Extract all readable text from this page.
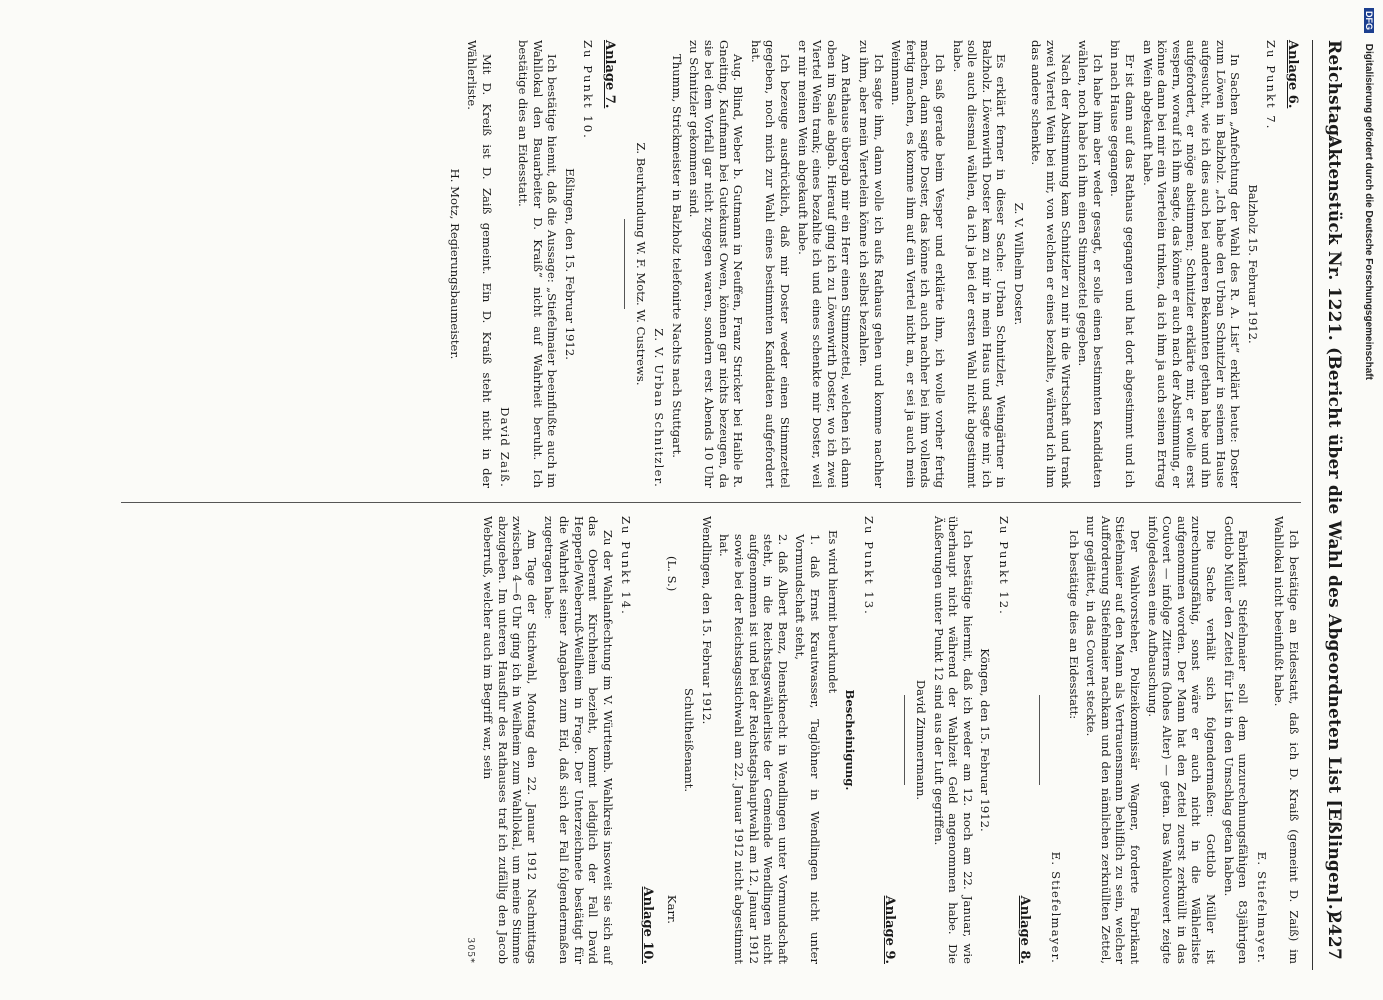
Reichstag.
Aktenstück Nr. 1221. (Bericht über die Wahl des Abgeordneten List [Eßlingen].)
2427
Anlage 6.
Zu Punkt 7.
Balzholz 15. Februar 1912.

In Sachen „Anfechtung der Wahl des R. A. List“ erklärt heute: Doster zum Löwen in Balzholz. „Ich habe den Urban Schnitzler in seinem Hause aufgesucht, wie ich dies auch bei anderen Bekannten gethan habe und ihn aufgefordert, er möge abstimmen; Schnitzler erklärte mir, er wolle erst vespern, worauf ich ihm sagte, das könne er auch nach der Abstimmung, er könne dann bei mir ein Viertelein trinken, da ich ihm ja auch seinen Ertrag an Wein abgekauft habe.

Er ist dann auf das Rathaus gegangen und hat dort abgestimmt und ich bin nach Hause gegangen.

Ich habe ihm aber weder gesagt, er solle einen bestimmten Kandidaten wählen, noch habe ich ihm einen Stimmzettel gegeben.

Nach der Abstimmung kam Schnitzler zu mir in die Wirtschaft und trank zwei Viertel Wein bei mir, von welchen er eines bezahlte, während ich ihm das andere schenkte.

Z. V. Wilhelm Doster.

Es erklärt ferner in dieser Sache: Urban Schnitzler, Weingärtner in Balzholz. Löwenwirth Doster kam zu mir in mein Haus und sagte mir, ich solle auch diesmal wählen, da ich ja bei der ersten Wahl nicht abgestimmt habe.

Ich saß gerade beim Vesper und erklärte ihm, ich wolle vorher fertig machen, dann sagte Doster, das könne ich auch nachher bei ihm vollends fertig machen, es komme ihm auf ein Viertel nicht an, er sei ja auch mein Weinmann.

Ich sagte ihm, dann wolle ich aufs Rathaus gehen und komme nachher zu ihm, aber mein Viertelein könne ich selbst bezahlen.

Am Rathause übergab mir ein Herr einen Stimmzettel, welchen ich dann oben im Saale abgab. Hierauf ging ich zu Löwenwirth Doster, wo ich zwei Viertel Wein trank; eines bezahlte ich und eines schenkte mir Doster, weil er mir meinen Wein abgekauft habe.

Ich bezeuge ausdrücklich, daß mir Doster weder einen Stimmzettel gegeben, noch mich zur Wahl eines bestimmten Kandidaten aufgefordert hat.

Aug. Blind, Weber b. Gutmann in Neuffen, Franz Stricker bei Haible R. Gneiting, Kaufmann bei Gutekunst Owen, können gar nichts bezeugen, da sie bei dem Vorfall gar nicht zugegen waren, sondern erst Abends 10 Uhr zu Schnitzler gekommen sind.

Thumm, Strickmeister in Balzholz telefonirte Nachts nach Stuttgart.

Z. V. Urban Schnitzler.
Z. Beurkundung W. F. Motz. W. Custrews.
Anlage 7.
Zu Punkt 10.
Eßlingen, den 15. Februar 1912.

Ich bestätige hiemit, daß die Aussage: „Stiefelmaier beeinflußte auch im Wahllokal den Bauarbeiter D. Kraiß“ nicht auf Wahrheit beruht. Ich bestätige dies an Eidesstatt.

David Zaiß.

Mit D. Kreiß ist D. Zaiß gemeint. Ein D. Kraiß steht nicht in der Wählerliste.

H. Motz, Regierungsbaumeister.

Ich bestätige an Eidesstatt, daß ich D. Kraiß (gemeint D. Zaiß) im Wahllokal nicht beeinflußt habe.

E. Stiefelmayer.

Fabrikant Stiefelmaier soll dem unzurechnungsfähigen 83jährigen Gottlob Müller den Zettel für List in den Umschlag getan haben.

Die Sache verhält sich folgendermaßen: Gottlob Müller ist zurechnungsfähig, sonst wäre er auch nicht in die Wählerliste aufgenommen worden. Der Mann hat den Zettel zuerst zerknüllt in das Couvert — infolge Zitterns (hohes Alter) — getan. Das Wahlcouvert zeigte infolgedessen eine Aufbauschung.

Der Wahlvorsteher, Polizeikommissär Wagner, forderte Fabrikant Stiefelmaier auf den Mann als Vertrauensmann behilflich zu sein, welcher Aufforderung Stiefelmaier nachkam und den nämlichen zerknüllten Zettel, nur geglättet, in das Couvert steckte.

Ich bestätige dies an Eidesstatt:

E. Stiefelmayer.
Anlage 8.
Zu Punkt 12.
Köngen, den 15. Februar 1912.

Ich bestätige hiermit, daß ich weder am 12. noch am 22. Januar, wie überhaupt nicht während der Wahlzeit Geld angenommen habe. Die Äußerungen unter Punkt 12 sind aus der Luft gegriffen.

David Zimmermann.
Anlage 9.
Zu Punkt 13.
Bescheinigung.

Es wird hiermit beurkundet

1. daß Ernst Krautwasser, Taglöhner in Wendlingen nicht unter Vormundschaft steht,

2. daß Albert Benz, Dienstknecht in Wendlingen unter Vormundschaft steht, in die Reichstagswählerliste der Gemeinde Wendlingen nicht aufgenommen ist und bei der Reichstagshauptwahl am 12. Januar 1912 sowie bei der Reichstagsstichwahl am 22. Januar 1912 nicht abgestimmt hat.

Wendlingen, den 15. Februar 1912.

Schultheißenamt.
(L. S.)
Karr.
Anlage 10.
Zu Punkt 14.

Zu der Wahlanfechtung im V. Württemb. Wahlkreis insoweit sie sich auf das Oberamt Kirchheim bezieht, kommt lediglich der Fall David Hepperle/Weberruß-Weilheim in Frage. Der Unterzeichnete bestätigt für die Wahrheit seiner Angaben zum Eid, daß sich der Fall folgendermaßen zugetragen habe:

Am Tage der Stichwahl, Montag den 22. Januar 1912 Nachmittags zwischen 4—6 Uhr ging ich in Weilheim zum Wahllokal, um meine Stimme abzugeben. Im unteren Hausflur des Rathauses traf ich zufällig den Jacob Weberruß, welcher auch im Begriff war, sein

305*
DFG Digitalisierung gefördert durch die Deutsche Forschungsgemeinschaft
